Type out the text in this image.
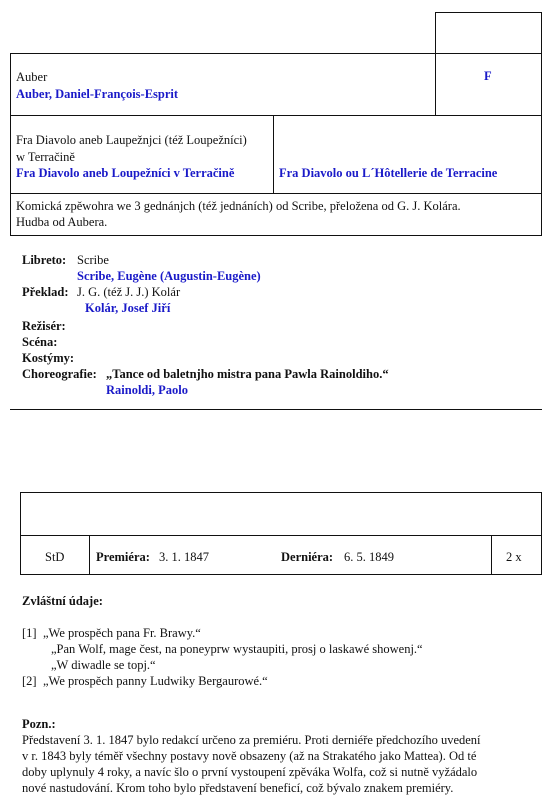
Auber
Auber, Daniel-François-Esprit
F
Fra Diavolo aneb Laupežnjci (též Loupežníci)
w Terračině
Fra Diavolo aneb Loupežníci v Terračině	Fra Diavolo ou L´Hôtellerie de Terracine
Komická zpěwohra we 3 gednánjch (též jednáních) od Scribe, přeložena od G. J. Kolára.
Hudba od Aubera.
Libreto: Scribe
Scribe, Eugène (Augustin-Eugène)
Překlad: J. G. (též J. J.) Kolár
Kolár, Josef Jiří
Režisér:
Scéna:
Kostýmy:
Choreografie: „Tance od baletnjho mistra pana Pawla Rainoldiho.“
Rainoldi, Paolo
StD	Premiéra: 3. 1. 1847	Derniéra: 6. 5. 1849	2 x
Zvláštní údaje:
[1] „We prospěch pana Fr. Brawy.“
„Pan Wolf, mage čest, na poneyprw wystaupiti, prosj o laskawé showenj.“
„W diwadle se topj.“
[2] „We prospěch panny Ludwiky Bergaurowé.“
Pozn.:
Představení 3. 1. 1847 bylo redakcí určeno za premiéru. Proti derniéře předchozího uvedení
v r. 1843 byly téměř všechny postavy nově obsazeny (až na Strakatého jako Mattea). Od té
doby uplynuly 4 roky, a navíc šlo o první vystoupení zpěváka Wolfa, což si nutně vyžádalo
nové nastudování. Krom toho bylo představení beneficí, což bývalo znakem premiéry.
